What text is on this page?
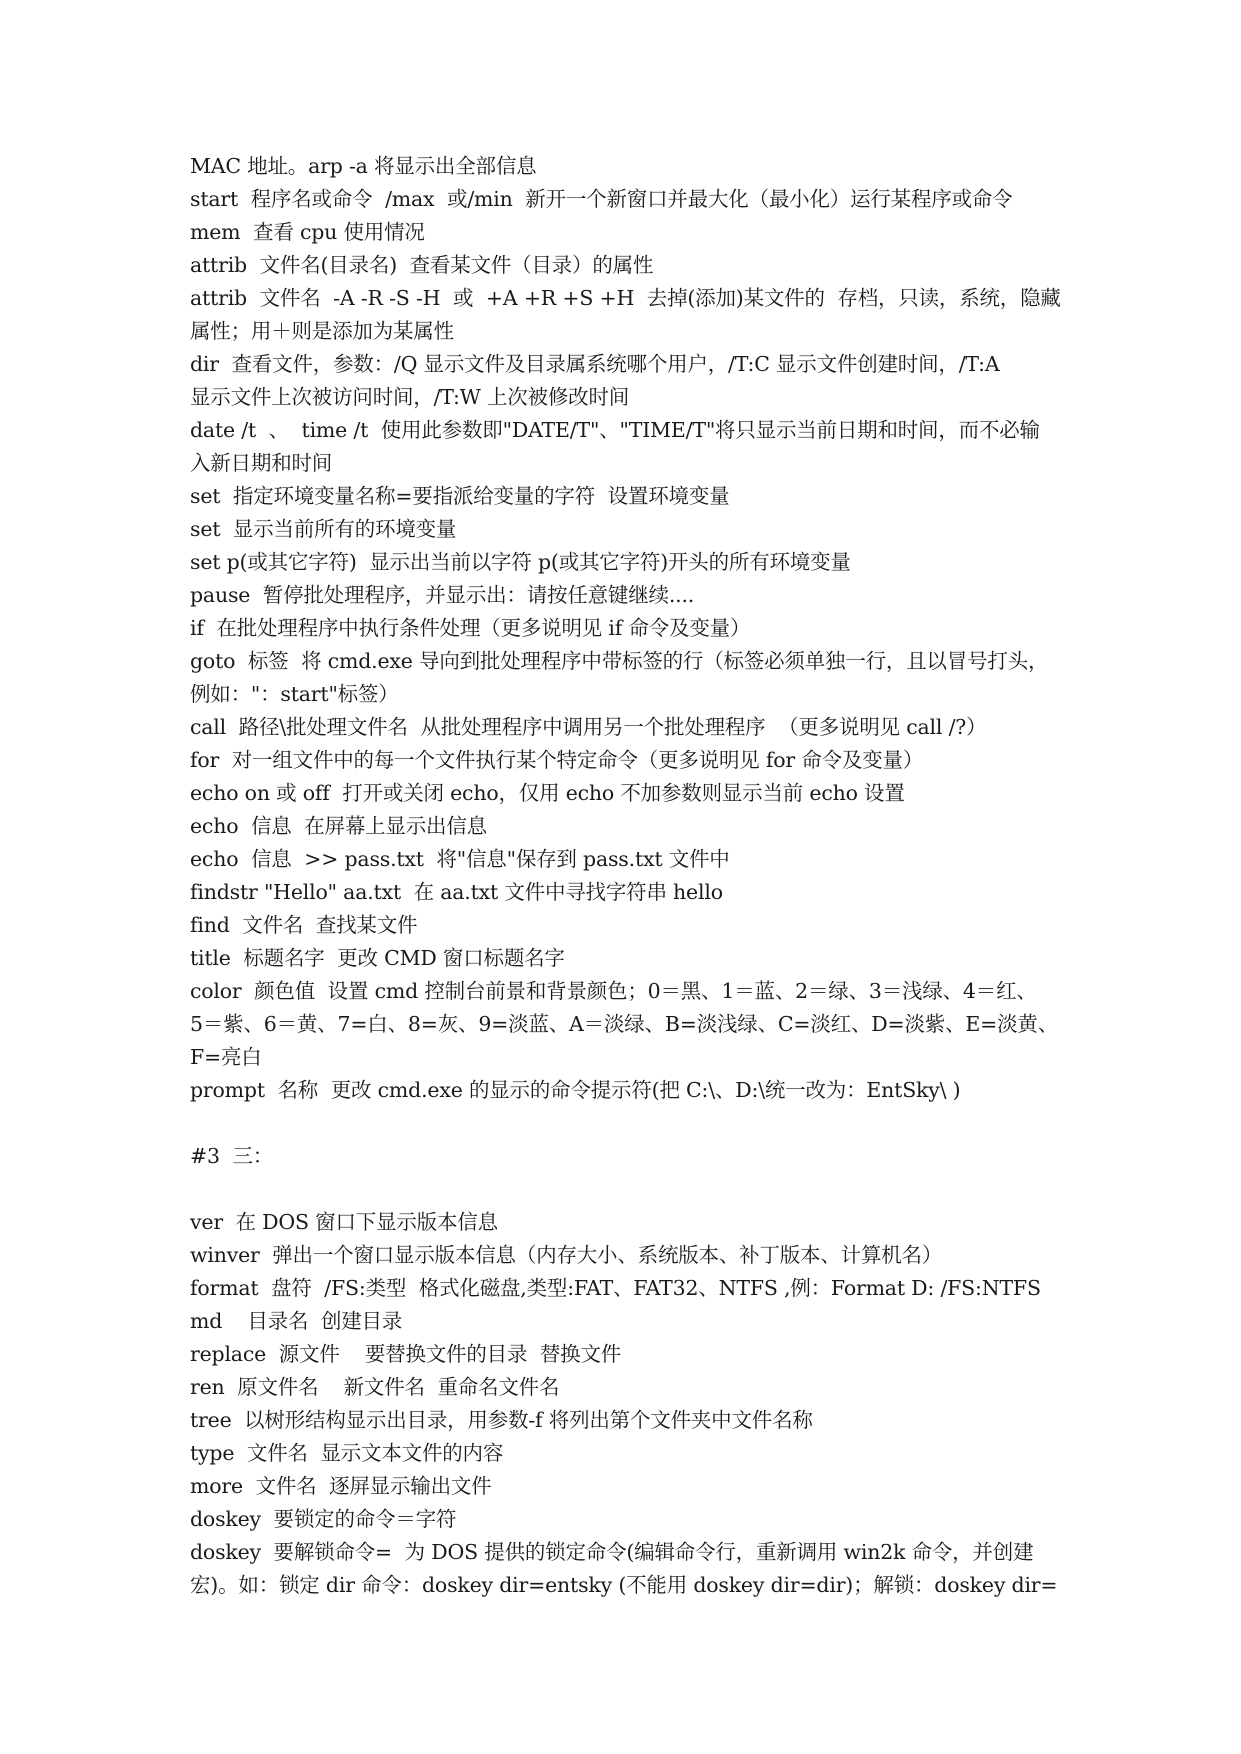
MAC 地址。arp -a 将显示出全部信息

start  程序名或命令  /max  或/min  新开一个新窗口并最大化（最小化）运行某程序或命令

mem  查看 cpu 使用情况

attrib  文件名(目录名)  查看某文件（目录）的属性

attrib  文件名  -A -R -S -H  或  +A +R +S +H  去掉(添加)某文件的  存档，只读，系统，隐藏

属性；用＋则是添加为某属性

dir  查看文件，参数：/Q 显示文件及目录属系统哪个用户，/T:C 显示文件创建时间，/T:A

显示文件上次被访问时间，/T:W 上次被修改时间

date /t  、  time /t  使用此参数即"DATE/T"、"TIME/T"将只显示当前日期和时间，而不必输

入新日期和时间

set  指定环境变量名称=要指派给变量的字符  设置环境变量

set  显示当前所有的环境变量

set p(或其它字符)  显示出当前以字符 p(或其它字符)开头的所有环境变量

pause  暂停批处理程序，并显示出：请按任意键继续....

if  在批处理程序中执行条件处理（更多说明见 if 命令及变量）

goto  标签  将 cmd.exe 导向到批处理程序中带标签的行（标签必须单独一行，且以冒号打头，

例如："：start"标签）

call  路径\批处理文件名  从批处理程序中调用另一个批处理程序  （更多说明见 call /?）

for  对一组文件中的每一个文件执行某个特定命令（更多说明见 for 命令及变量）

echo on 或 off  打开或关闭 echo，仅用 echo 不加参数则显示当前 echo 设置

echo  信息  在屏幕上显示出信息

echo  信息  >> pass.txt  将"信息"保存到 pass.txt 文件中

findstr "Hello" aa.txt  在 aa.txt 文件中寻找字符串 hello

find  文件名  查找某文件

title  标题名字  更改 CMD 窗口标题名字

color  颜色值  设置 cmd 控制台前景和背景颜色；0＝黑、1＝蓝、2＝绿、3＝浅绿、4＝红、

5＝紫、6＝黄、7=白、8=灰、9=淡蓝、A＝淡绿、B=淡浅绿、C=淡红、D=淡紫、E=淡黄、

F=亮白

prompt  名称  更改 cmd.exe 的显示的命令提示符(把 C:\、D:\统一改为：EntSky\ )

#3  三：

ver  在 DOS 窗口下显示版本信息

winver  弹出一个窗口显示版本信息（内存大小、系统版本、补丁版本、计算机名）

format  盘符  /FS:类型  格式化磁盘,类型:FAT、FAT32、NTFS ,例：Format D: /FS:NTFS

md    目录名  创建目录

replace  源文件    要替换文件的目录  替换文件

ren  原文件名    新文件名  重命名文件名

tree  以树形结构显示出目录，用参数-f 将列出第个文件夹中文件名称

type  文件名  显示文本文件的内容

more  文件名  逐屏显示输出文件

doskey  要锁定的命令＝字符

doskey  要解锁命令=  为 DOS 提供的锁定命令(编辑命令行，重新调用 win2k 命令，并创建

宏)。如：锁定 dir 命令：doskey dir=entsky (不能用 doskey dir=dir)；解锁：doskey dir=
